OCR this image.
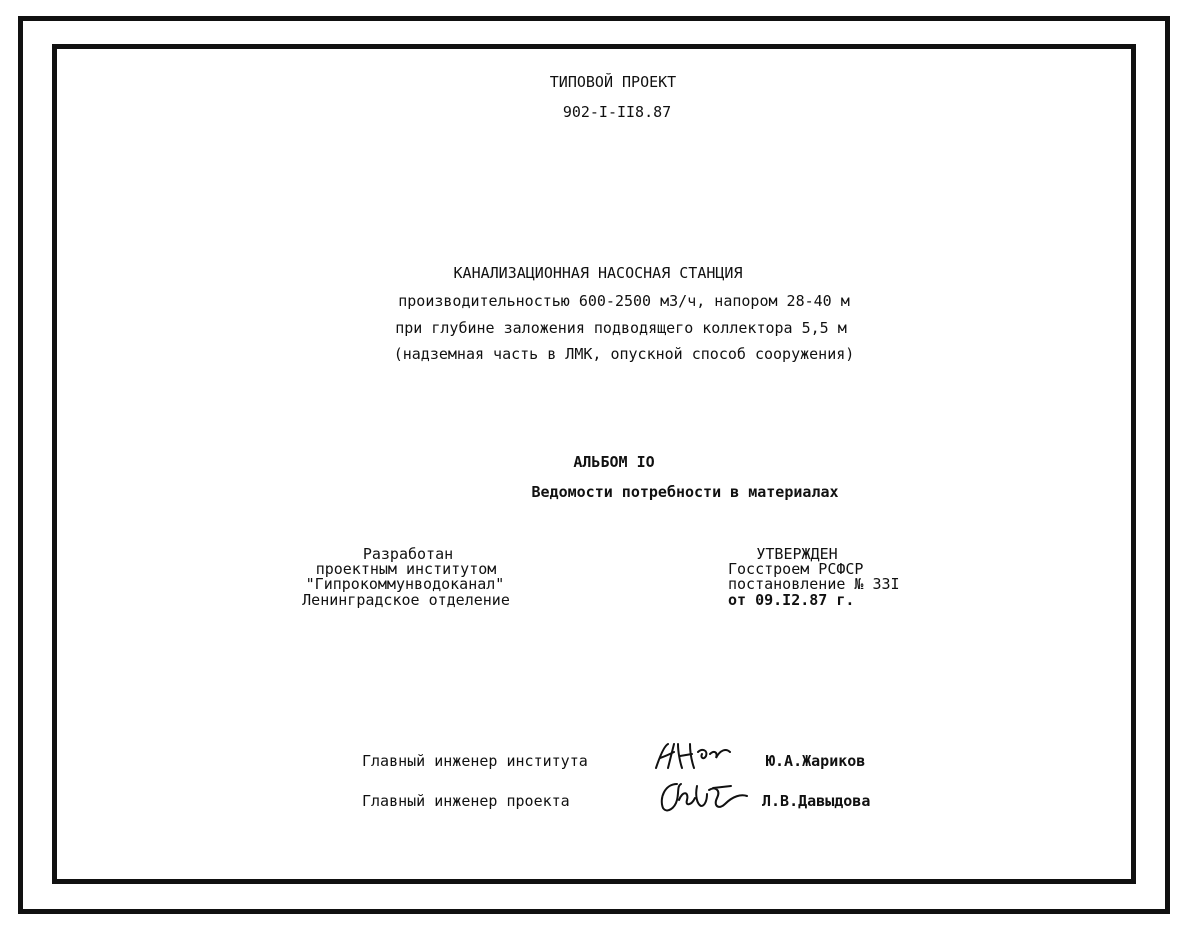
ТИПОВОЙ ПРОЕКТ
902-I-II8.87
КАНАЛИЗАЦИОННАЯ НАСОСНАЯ СТАНЦИЯ
производительностью 600-2500 м3/ч, напором 28-40 м
при глубине заложения подводящего коллектора 5,5 м
(надземная часть в ЛМК, опускной способ сооружения)
АЛЬБОМ IO
Ведомости потребности в материалах
Разработан
проектным институтом
"Гипрокоммунводоканал"
Ленинградское отделение
УТВЕРЖДЕН
Госстроем РСФСР
постановление № 33I
от 09.I2.87 г.
Главный инженер института	Ю.А.Жариков
Главный инженер проекта	Л.В.Давыдова
